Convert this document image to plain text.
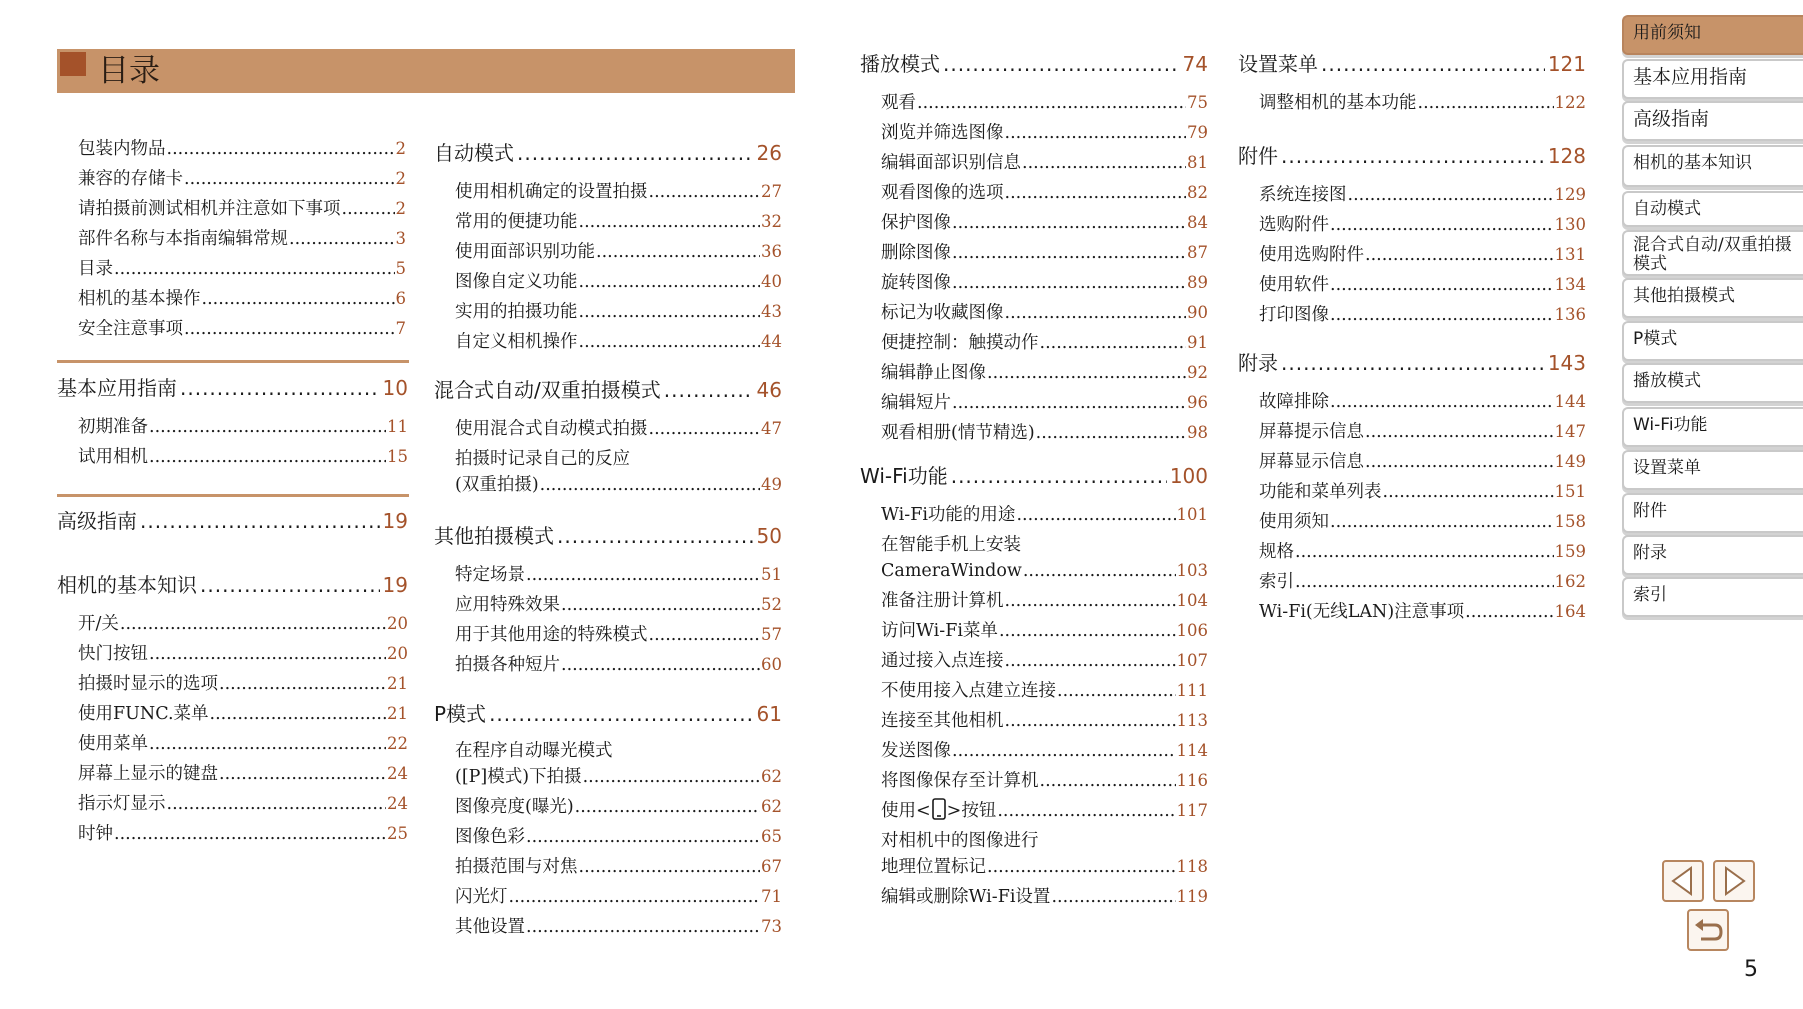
目录
包装内物品 .....	2
兼容的存储卡 .....	2
请拍摄前测试相机并注意如下事项 .....	2
部件名称与本指南编辑常规 .....	3
目录 .....	5
相机的基本操作 .....	6
安全注意事项 .....	7
基本应用指南 .....	10
初期准备 .....	11
试用相机 .....	15
高级指南 .....	19
相机的基本知识 .....	19
开/关 .....	20
快门按钮 .....	20
拍摄时显示的选项 .....	21
使用FUNC.菜单 .....	21
使用菜单 .....	22
屏幕上显示的键盘 .....	24
指示灯显示 .....	24
时钟 .....	25
自动模式 .....	26
使用相机确定的设置拍摄 .....	27
常用的便捷功能 .....	32
使用面部识别功能 .....	36
图像自定义功能 .....	40
实用的拍摄功能 .....	43
自定义相机操作 .....	44
混合式自动/双重拍摄模式 .....	46
使用混合式自动模式拍摄 .....	47
拍摄时记录自己的反应
(双重拍摄) .....	49
其他拍摄模式 .....	50
特定场景 .....	51
应用特殊效果 .....	52
用于其他用途的特殊模式 .....	57
拍摄各种短片 .....	60
P模式 .....	61
在程序自动曝光模式
([P]模式)下拍摄 .....	62
图像亮度(曝光) .....	62
图像色彩 .....	65
拍摄范围与对焦 .....	67
闪光灯 .....	71
其他设置 .....	73
播放模式 .....	74
观看 .....	75
浏览并筛选图像 .....	79
编辑面部识别信息 .....	81
观看图像的选项 .....	82
保护图像 .....	84
删除图像 .....	87
旋转图像 .....	89
标记为收藏图像 .....	90
便捷控制：触摸动作 .....	91
编辑静止图像 .....	92
编辑短片 .....	96
观看相册(情节精选) .....	98
Wi-Fi功能 .....	100
Wi-Fi功能的用途 .....	101
在智能手机上安装
CameraWindow .....	103
准备注册计算机 .....	104
访问Wi-Fi菜单 .....	106
通过接入点连接 .....	107
不使用接入点建立连接 .....	111
连接至其他相机 .....	113
发送图像 .....	114
将图像保存至计算机 .....	116
使用< >按钮 .....	117
对相机中的图像进行
地理位置标记 .....	118
编辑或删除Wi-Fi设置 .....	119
设置菜单 .....	121
调整相机的基本功能 .....	122
附件 .....	128
系统连接图 .....	129
选购附件 .....	130
使用选购附件 .....	131
使用软件 .....	134
打印图像 .....	136
附录 .....	143
故障排除 .....	144
屏幕提示信息 .....	147
屏幕显示信息 .....	149
功能和菜单列表 .....	151
使用须知 .....	158
规格 .....	159
索引 .....	162
Wi-Fi(无线LAN)注意事项 .....	164
用前须知
基本应用指南
高级指南
相机的基本知识
自动模式
混合式自动/双重拍摄模式
其他拍摄模式
P模式
播放模式
Wi-Fi功能
设置菜单
附件
附录
索引
5
